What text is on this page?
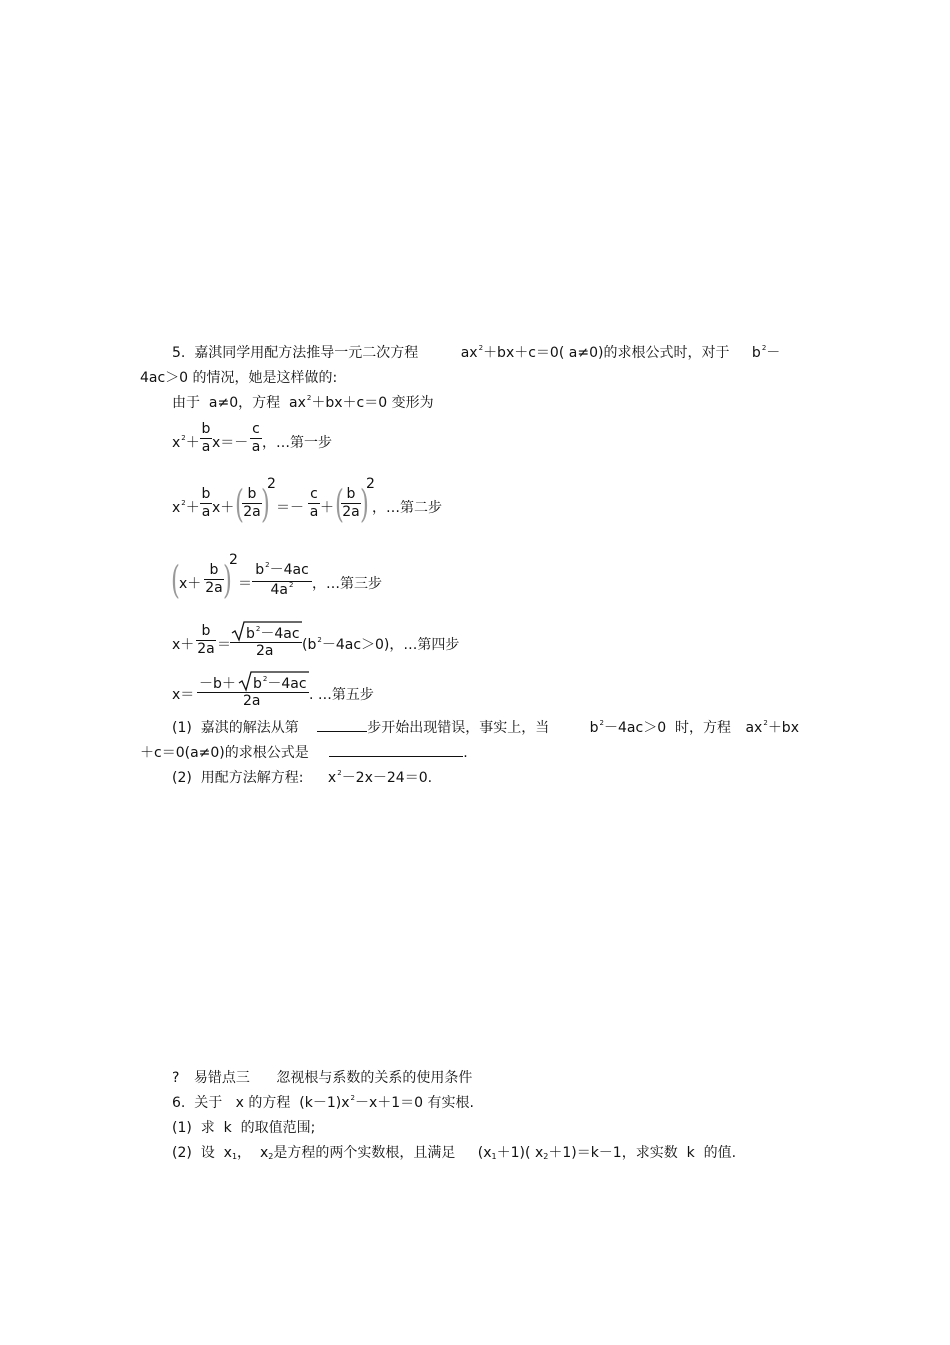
5. 嘉淇同学用配方法推导一元二次方程	$ax^2+bx+c=0$( a≠0)的求根公式时，对于 $b^2-$
4ac＞0 的情况，她是这样做的:
由于 a≠0，方程 $ax^2+bx+c=0$ 变形为
$x^2+$
b
a x＝－
c
a ，…第一步
$x^2+$
b
a x＋ ( b
2a )
2
＝－
c
a ＋ ( b
2a )
2
，…第二步
( x＋
b
2a )
2
＝
$b^2-4ac$
$4a^2$	，…第三步
x＋
b
2a ＝
$b^2-4ac$
2a $(b^2-4ac>0)$，…第四步
x＝
$-b+ b^2-4ac$
2a	. …第五步
(1) 嘉淇的解法从第	步开始出现错误，事实上，当	$b^2-4ac>0$ 时，方程 $ax^2+bx$
＋c＝0(a≠0)的求根公式是	.
(2) 用配方法解方程: $x^2-2x-24=0$.
? 易错点三 忽视根与系数的关系的使用条件
6. 关于 x 的方程 $(k-1)x^2-x+1=0$ 有实根.
(1) 求 k 的取值范围;
(2) 设 $x_1$， $x_2$是方程的两个实数根，且满足 $(x_1+1)$( $x_2+1)=k-1$，求实数 k 的值.
